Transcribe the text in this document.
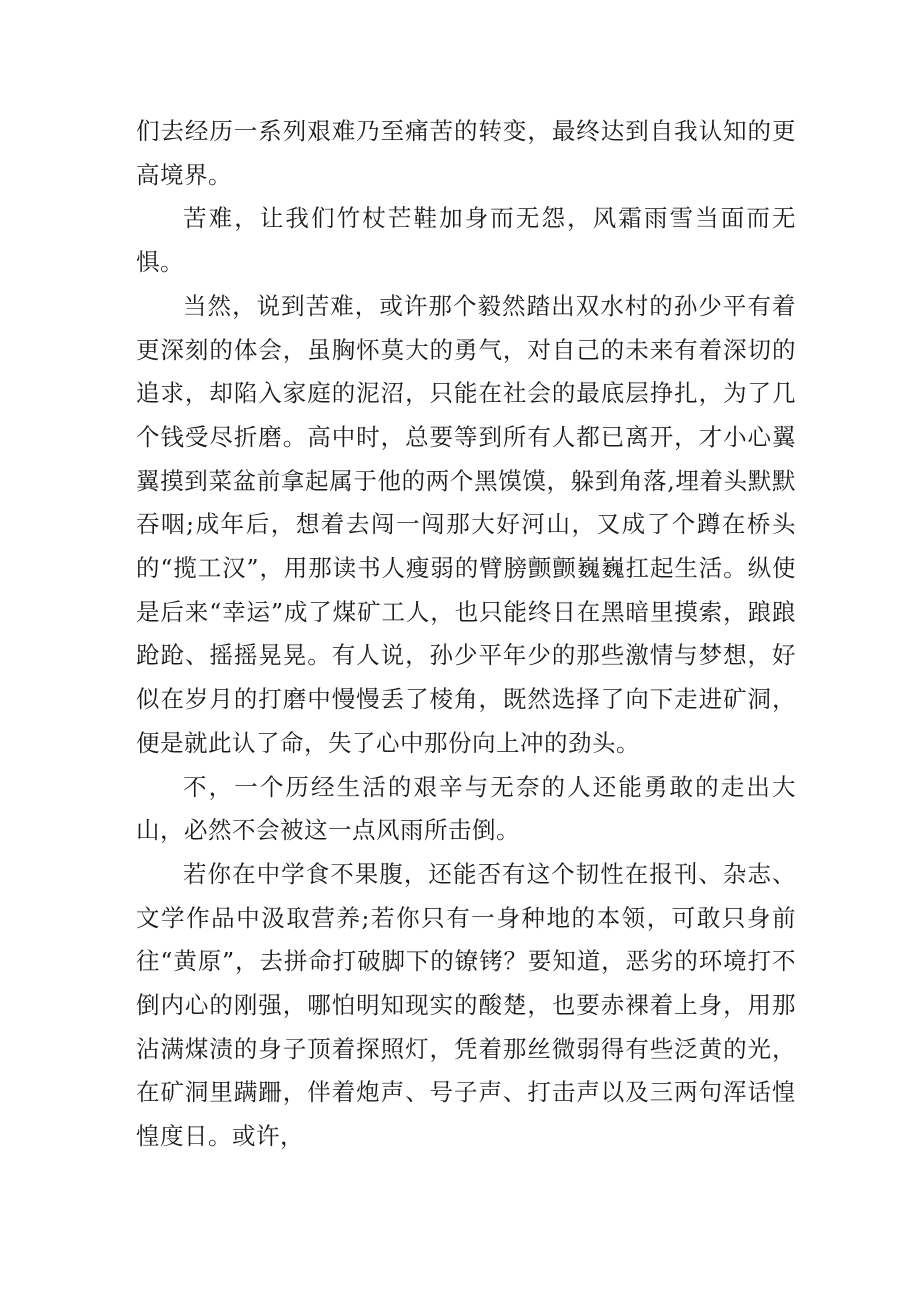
们去经历一系列艰难乃至痛苦的转变，最终达到自我认知的更高境界。

苦难，让我们竹杖芒鞋加身而无怨，风霜雨雪当面而无惧。

当然，说到苦难，或许那个毅然踏出双水村的孙少平有着更深刻的体会，虽胸怀莫大的勇气，对自己的未来有着深切的追求，却陷入家庭的泥沼，只能在社会的最底层挣扎，为了几个钱受尽折磨。高中时，总要等到所有人都已离开，才小心翼翼摸到菜盆前拿起属于他的两个黑馍馍，躲到角落,埋着头默默吞咽;成年后，想着去闯一闯那大好河山，又成了个蹲在桥头的“揽工汉”，用那读书人瘦弱的臂膀颤颤巍巍扛起生活。纵使是后来“幸运”成了煤矿工人，也只能终日在黑暗里摸索，踉踉跄跄、摇摇晃晃。有人说，孙少平年少的那些激情与梦想，好似在岁月的打磨中慢慢丢了棱角，既然选择了向下走进矿洞，便是就此认了命，失了心中那份向上冲的劲头。

不，一个历经生活的艰辛与无奈的人还能勇敢的走出大山，必然不会被这一点风雨所击倒。

若你在中学食不果腹，还能否有这个韧性在报刊、杂志、文学作品中汲取营养;若你只有一身种地的本领，可敢只身前往“黄原”，去拼命打破脚下的镣铐？要知道，恶劣的环境打不倒内心的刚强，哪怕明知现实的酸楚，也要赤裸着上身，用那沾满煤渍的身子顶着探照灯，凭着那丝微弱得有些泛黄的光，在矿洞里蹒跚，伴着炮声、号子声、打击声以及三两句浑话惶惶度日。或许，
